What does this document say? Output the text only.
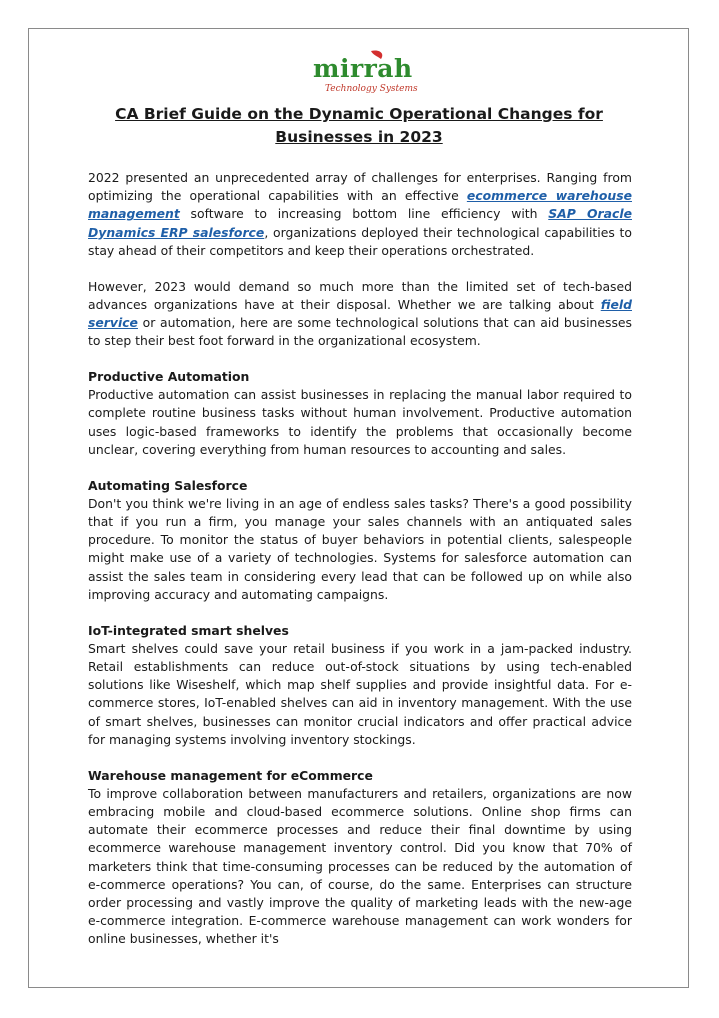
mirrah
Technology Systems
CA Brief Guide on the Dynamic Operational Changes for Businesses in 2023

2022 presented an unprecedented array of challenges for enterprises. Ranging from optimizing the operational capabilities with an effective ecommerce warehouse management software to increasing bottom line efficiency with SAP Oracle Dynamics ERP salesforce, organizations deployed their technological capabilities to stay ahead of their competitors and keep their operations orchestrated.

However, 2023 would demand so much more than the limited set of tech-based advances organizations have at their disposal. Whether we are talking about field service or automation, here are some technological solutions that can aid businesses to step their best foot forward in the organizational ecosystem.

Productive Automation

Productive automation can assist businesses in replacing the manual labor required to complete routine business tasks without human involvement. Productive automation uses logic-based frameworks to identify the problems that occasionally become unclear, covering everything from human resources to accounting and sales.

Automating Salesforce

Don't you think we're living in an age of endless sales tasks? There's a good possibility that if you run a firm, you manage your sales channels with an antiquated sales procedure. To monitor the status of buyer behaviors in potential clients, salespeople might make use of a variety of technologies. Systems for salesforce automation can assist the sales team in considering every lead that can be followed up on while also improving accuracy and automating campaigns.

IoT-integrated smart shelves

Smart shelves could save your retail business if you work in a jam-packed industry. Retail establishments can reduce out-of-stock situations by using tech-enabled solutions like Wiseshelf, which map shelf supplies and provide insightful data. For e-commerce stores, IoT-enabled shelves can aid in inventory management. With the use of smart shelves, businesses can monitor crucial indicators and offer practical advice for managing systems involving inventory stockings.

Warehouse management for eCommerce

To improve collaboration between manufacturers and retailers, organizations are now embracing mobile and cloud-based ecommerce solutions. Online shop firms can automate their ecommerce processes and reduce their final downtime by using ecommerce warehouse management inventory control. Did you know that 70% of marketers think that time-consuming processes can be reduced by the automation of e-commerce operations? You can, of course, do the same. Enterprises can structure order processing and vastly improve the quality of marketing leads with the new-age e-commerce integration. E-commerce warehouse management can work wonders for online businesses, whether it's
